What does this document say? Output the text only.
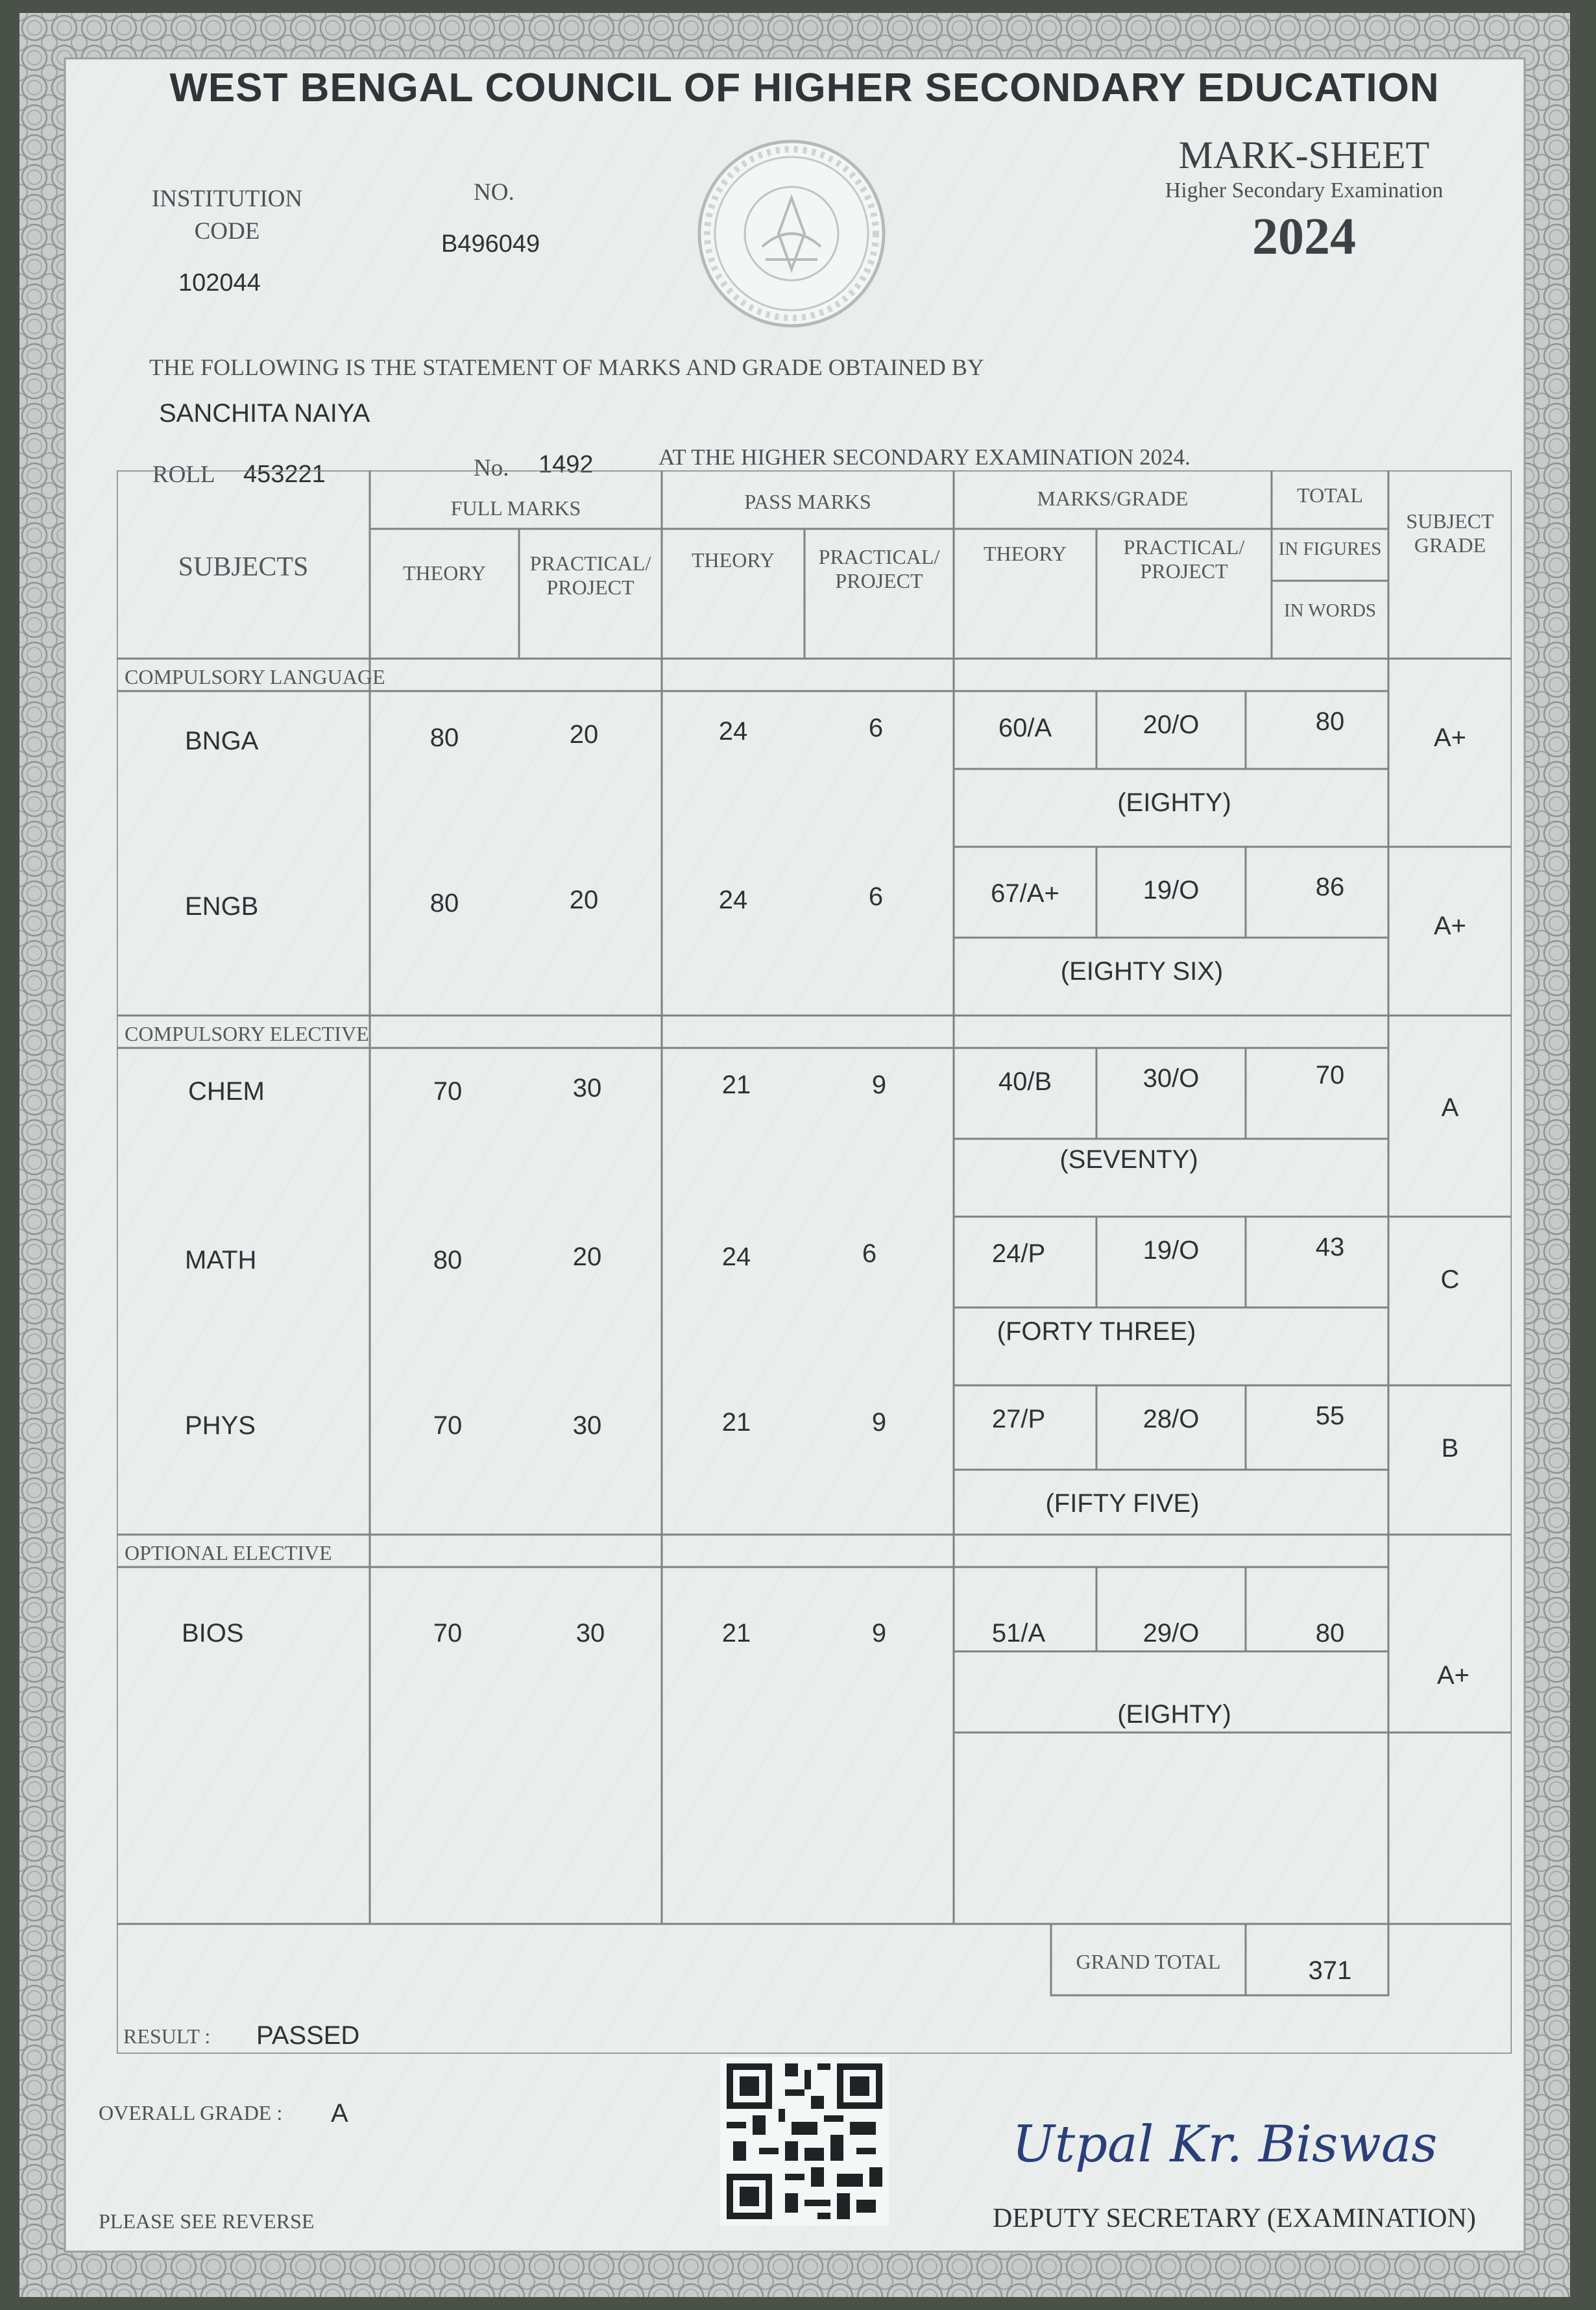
WEST BENGAL COUNCIL OF HIGHER SECONDARY EDUCATION
INSTITUTION
CODE
102044
NO.
B496049
MARK-SHEET
Higher Secondary Examination
2024
THE FOLLOWING IS THE STATEMENT OF MARKS AND GRADE OBTAINED BY
SANCHITA NAIYA
ROLL 453221	No. 1492	AT THE HIGHER SECONDARY EXAMINATION 2024.
SUBJECTS
FULL MARKS	PASS MARKS	MARKS/GRADE	TOTAL
SUBJECT
GRADE
THEORY	PRACTICAL/
PROJECT
THEORY	PRACTICAL/
PROJECT
THEORY	PRACTICAL/
PROJECT
IN FIGURES
IN WORDS
COMPULSORY LANGUAGE
COMPULSORY ELECTIVE
OPTIONAL ELECTIVE
BNGA	80	20	24	6	60/A	20/O	80
(EIGHTY)
A+
ENGB	80	20	24	6	67/A+	19/O	86
(EIGHTY SIX)
A+
CHEM	70	30	21	9	40/B	30/O	70
(SEVENTY)
A
MATH	80	20	24	6	24/P	19/O	43
(FORTY THREE)
C
PHYS	70	30	21	9	27/P	28/O	55
(FIFTY FIVE)
B
BIOS	70	30	21	9	51/A	29/O	80
(EIGHTY)
A+
GRAND TOTAL	371
RESULT : PASSED
OVERALL GRADE : A
Utpal Kr. Biswas
DEPUTY SECRETARY (EXAMINATION)
PLEASE SEE REVERSE
